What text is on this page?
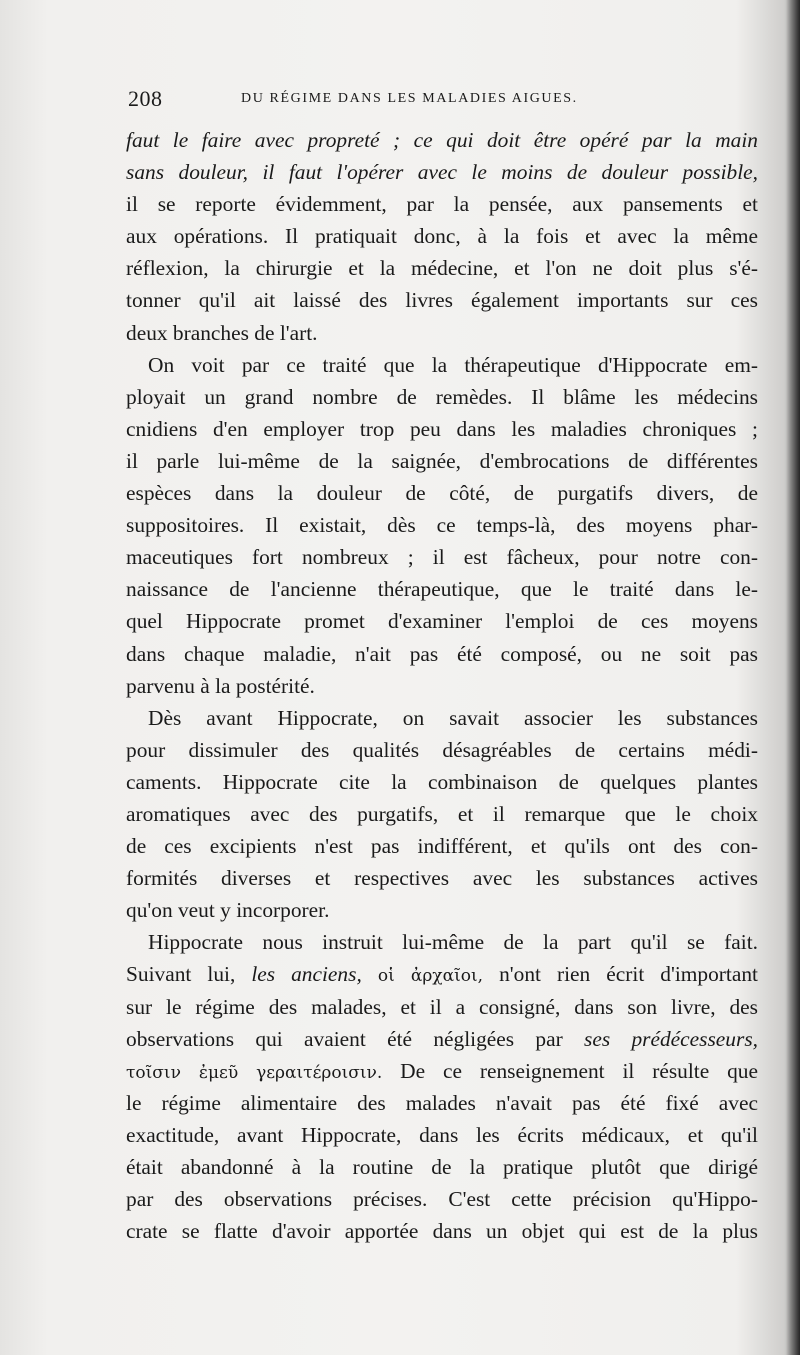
208	DU RÉGIME DANS LES MALADIES AIGUES.
faut le faire avec propreté ; ce qui doit être opéré par la main
sans douleur, il faut l'opérer avec le moins de douleur possible,
il se reporte évidemment, par la pensée, aux pansements et
aux opérations. Il pratiquait donc, à la fois et avec la même
réflexion, la chirurgie et la médecine, et l'on ne doit plus s'é-
tonner qu'il ait laissé des livres également importants sur ces
deux branches de l'art.
On voit par ce traité que la thérapeutique d'Hippocrate em-
ployait un grand nombre de remèdes. Il blâme les médecins
cnidiens d'en employer trop peu dans les maladies chroniques ;
il parle lui-même de la saignée, d'embrocations de différentes
espèces dans la douleur de côté, de purgatifs divers, de
suppositoires. Il existait, dès ce temps-là, des moyens phar-
maceutiques fort nombreux ; il est fâcheux, pour notre con-
naissance de l'ancienne thérapeutique, que le traité dans le-
quel Hippocrate promet d'examiner l'emploi de ces moyens
dans chaque maladie, n'ait pas été composé, ou ne soit pas
parvenu à la postérité.
Dès avant Hippocrate, on savait associer les substances
pour dissimuler des qualités désagréables de certains médi-
caments. Hippocrate cite la combinaison de quelques plantes
aromatiques avec des purgatifs, et il remarque que le choix
de ces excipients n'est pas indifférent, et qu'ils ont des con-
formités diverses et respectives avec les substances actives
qu'on veut y incorporer.
Hippocrate nous instruit lui-même de la part qu'il se fait.
Suivant lui, les anciens, οἱ ἀρχαῖοι, n'ont rien écrit d'important
sur le régime des malades, et il a consigné, dans son livre, des
observations qui avaient été négligées par ses prédécesseurs,
τοῖσιν ἐμεῦ γεραιτέροισιν. De ce renseignement il résulte que
le régime alimentaire des malades n'avait pas été fixé avec
exactitude, avant Hippocrate, dans les écrits médicaux, et qu'il
était abandonné à la routine de la pratique plutôt que dirigé
par des observations précises. C'est cette précision qu'Hippo-
crate se flatte d'avoir apportée dans un objet qui est de la plus
